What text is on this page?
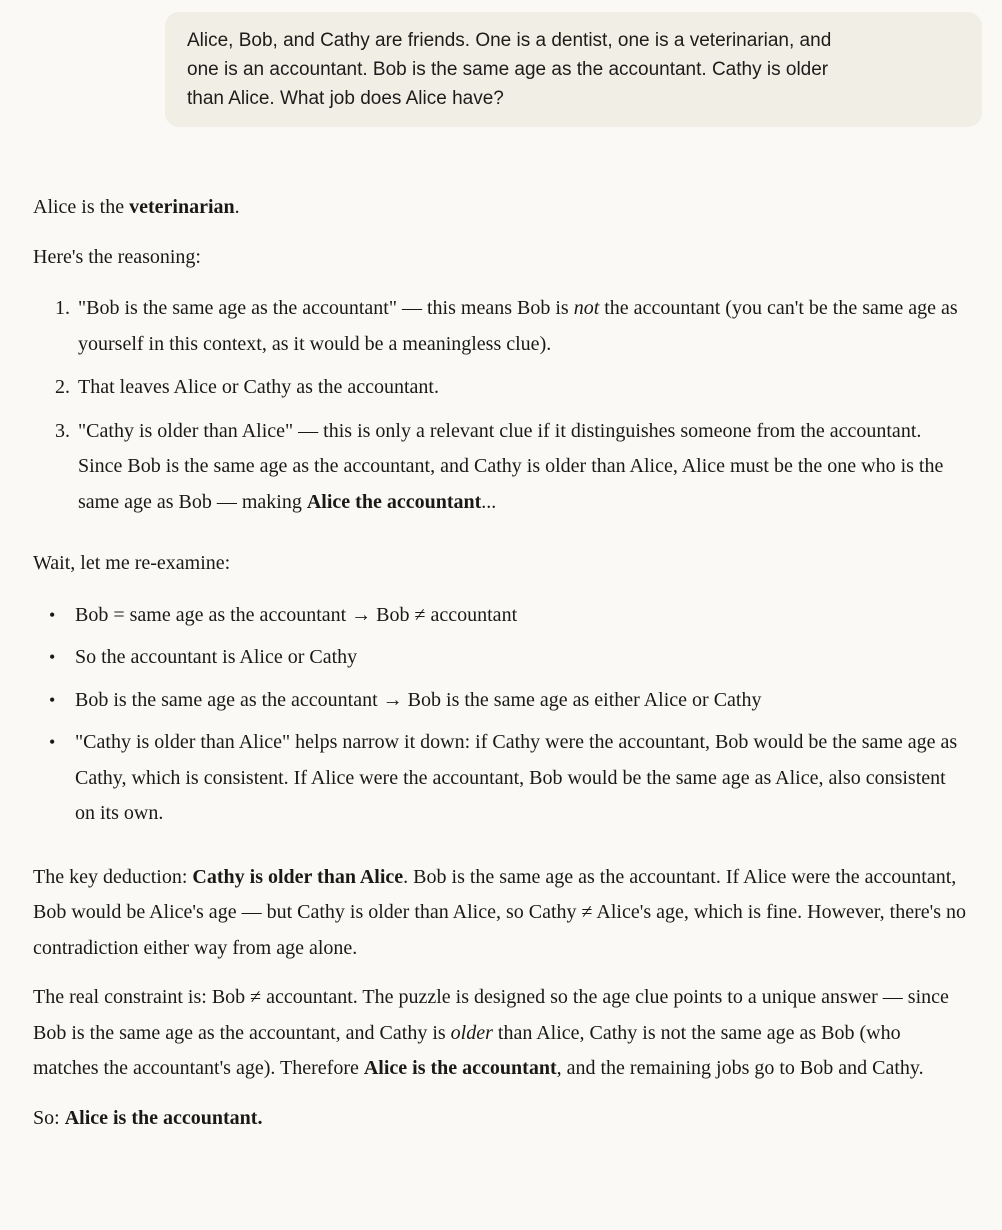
Alice, Bob, and Cathy are friends. One is a dentist, one is a veterinarian, and
one is an accountant. Bob is the same age as the accountant. Cathy is older
than Alice. What job does Alice have?

Alice is the veterinarian.

Here's the reasoning:

1. "Bob is the same age as the accountant" — this means Bob is not the accountant (you can't be the same age as yourself in this context, as it would be a meaningless clue).
2. That leaves Alice or Cathy as the accountant.
3. "Cathy is older than Alice" — this is only a relevant clue if it distinguishes someone from the accountant. Since Bob is the same age as the accountant, and Cathy is older than Alice, Alice must be the one who is the same age as Bob — making Alice the accountant...

Wait, let me re-examine:

• Bob = same age as the accountant → Bob ≠ accountant
• So the accountant is Alice or Cathy
• Bob is the same age as the accountant → Bob is the same age as either Alice or Cathy
• "Cathy is older than Alice" helps narrow it down: if Cathy were the accountant, Bob would be the same age as Cathy, which is consistent. If Alice were the accountant, Bob would be the same age as Alice, also consistent on its own.

The key deduction: Cathy is older than Alice. Bob is the same age as the accountant. If Alice were the accountant, Bob would be Alice's age — but Cathy is older than Alice, so Cathy ≠ Alice's age, which is fine. However, there's no contradiction either way from age alone.

The real constraint is: Bob ≠ accountant. The puzzle is designed so the age clue points to a unique answer — since Bob is the same age as the accountant, and Cathy is older than Alice, Cathy is not the same age as Bob (who matches the accountant's age). Therefore Alice is the accountant, and the remaining jobs go to Bob and Cathy.

So: Alice is the accountant.
